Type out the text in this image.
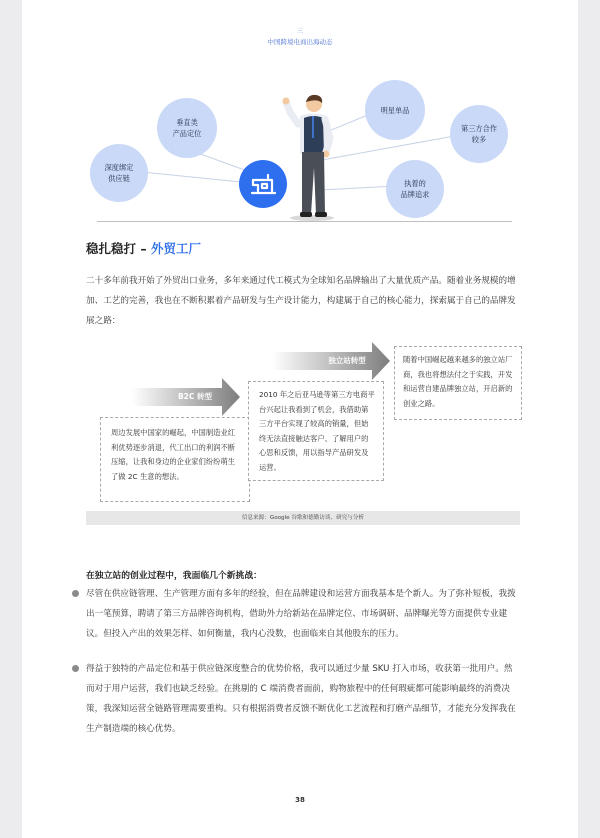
三
中国跨境电商出海动态
深度绑定
供应链
垂直类
产品定位
明星单品
第三方合作
较多
执着的
品牌追求
稳扎稳打 – 外贸工厂

二十多年前我开始了外贸出口业务，多年来通过代工模式为全球知名品牌输出了大量优质产品。随着业务规模的增加、工艺的完善，我也在不断积累着产品研发与生产设计能力，构建属于自己的核心能力，探索属于自己的品牌发展之路：

B2C 转型
独立站转型
周边发展中国家的崛起，中国制造业红利优势逐步消退，代工出口的利润不断压缩，让我和身边的企业家们纷纷萌生了做 2C 生意的想法。
2010 年之后亚马逊等第三方电商平台兴起让我看到了机会，我借助第三方平台实现了较高的销量，但始终无法直接触达客户、了解用户的心思和反馈，用以指导产品研发及运营。
随着中国崛起越来越多的独立站厂商，我也将想法付之于实践，开发和运营自建品牌独立站，开启新的创业之路。
信息来源：Google 谷歌和德勤访谈、研究与分析
在独立站的创业过程中，我面临几个新挑战：

尽管在供应链管理、生产管理方面有多年的经验，但在品牌建设和运营方面我基本是个新人。为了弥补短板，我拨出一笔预算，聘请了第三方品牌咨询机构，借助外力给新站在品牌定位、市场调研、品牌曝光等方面提供专业建议。但投入产出的效果怎样、如何衡量，我内心没数，也面临来自其他股东的压力。

得益于独特的产品定位和基于供应链深度整合的优势价格，我可以通过少量 SKU 打入市场，收获第一批用户。然而对于用户运营，我们也缺乏经验。在挑剔的 C 端消费者面前，购物旅程中的任何瑕疵都可能影响最终的消费决策，我深知运营全链路管理需要重构。只有根据消费者反馈不断优化工艺流程和打磨产品细节，才能充分发挥我在生产制造端的核心优势。

38
